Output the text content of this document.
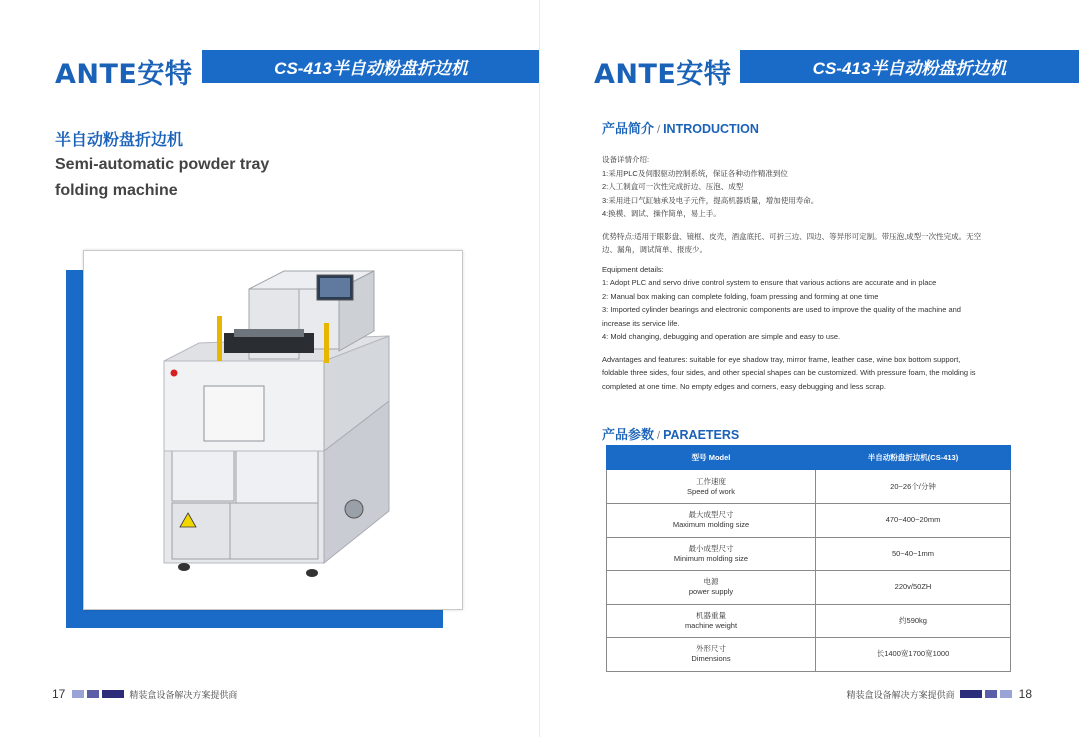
ANTE安特	CS-413半自动粉盘折边机
半自动粉盘折边机
Semi-automatic powder tray
folding machine
17	精装盒设备解决方案提供商
ANTE安特	CS-413半自动粉盘折边机
产品简介 / INTRODUCTION

设备详情介绍:

1:采用PLC及伺服驱动控制系统，保证各种动作精准到位

2:人工制盒可一次性完成折边、压泡、成型

3:采用进口气缸轴承及电子元件，提高机器质量，增加使用寿命。

4:换模、调试、操作简单，易上手。

优势特点:适用于眼影盘、镜框、皮壳，酒盒底托、可折三边、四边、等异形可定制。带压泡,成型一次性完成。无空

边、漏角，调试简单、报废少。

Equipment details:

1: Adopt PLC and servo drive control system to ensure that various actions are accurate and in place

2: Manual box making can complete folding, foam pressing and forming at one time

3: Imported cylinder bearings and electronic components are used to improve the quality of the machine and

increase its service life.

4: Mold changing, debugging and operation are simple and easy to use.

Advantages and features: suitable for eye shadow tray, mirror frame, leather case, wine box bottom support,

foldable three sides, four sides, and other special shapes can be customized. With pressure foam, the molding is

completed at one time. No empty edges and corners, easy debugging and less scrap.

产品参数 / PARAETERS
型号 Model	半自动粉盘折边机(CS-413)

工作速度
Speed of work	20~26个/分钟

最大成型尺寸
Maximum molding size	470~400~20mm

最小成型尺寸
Minimum molding size	50~40~1mm

电源
power supply	220v/50ZH

机器重量
machine weight	约590kg

外形尺寸
Dimensions	长1400宽1700宽1000
精装盒设备解决方案提供商	18
